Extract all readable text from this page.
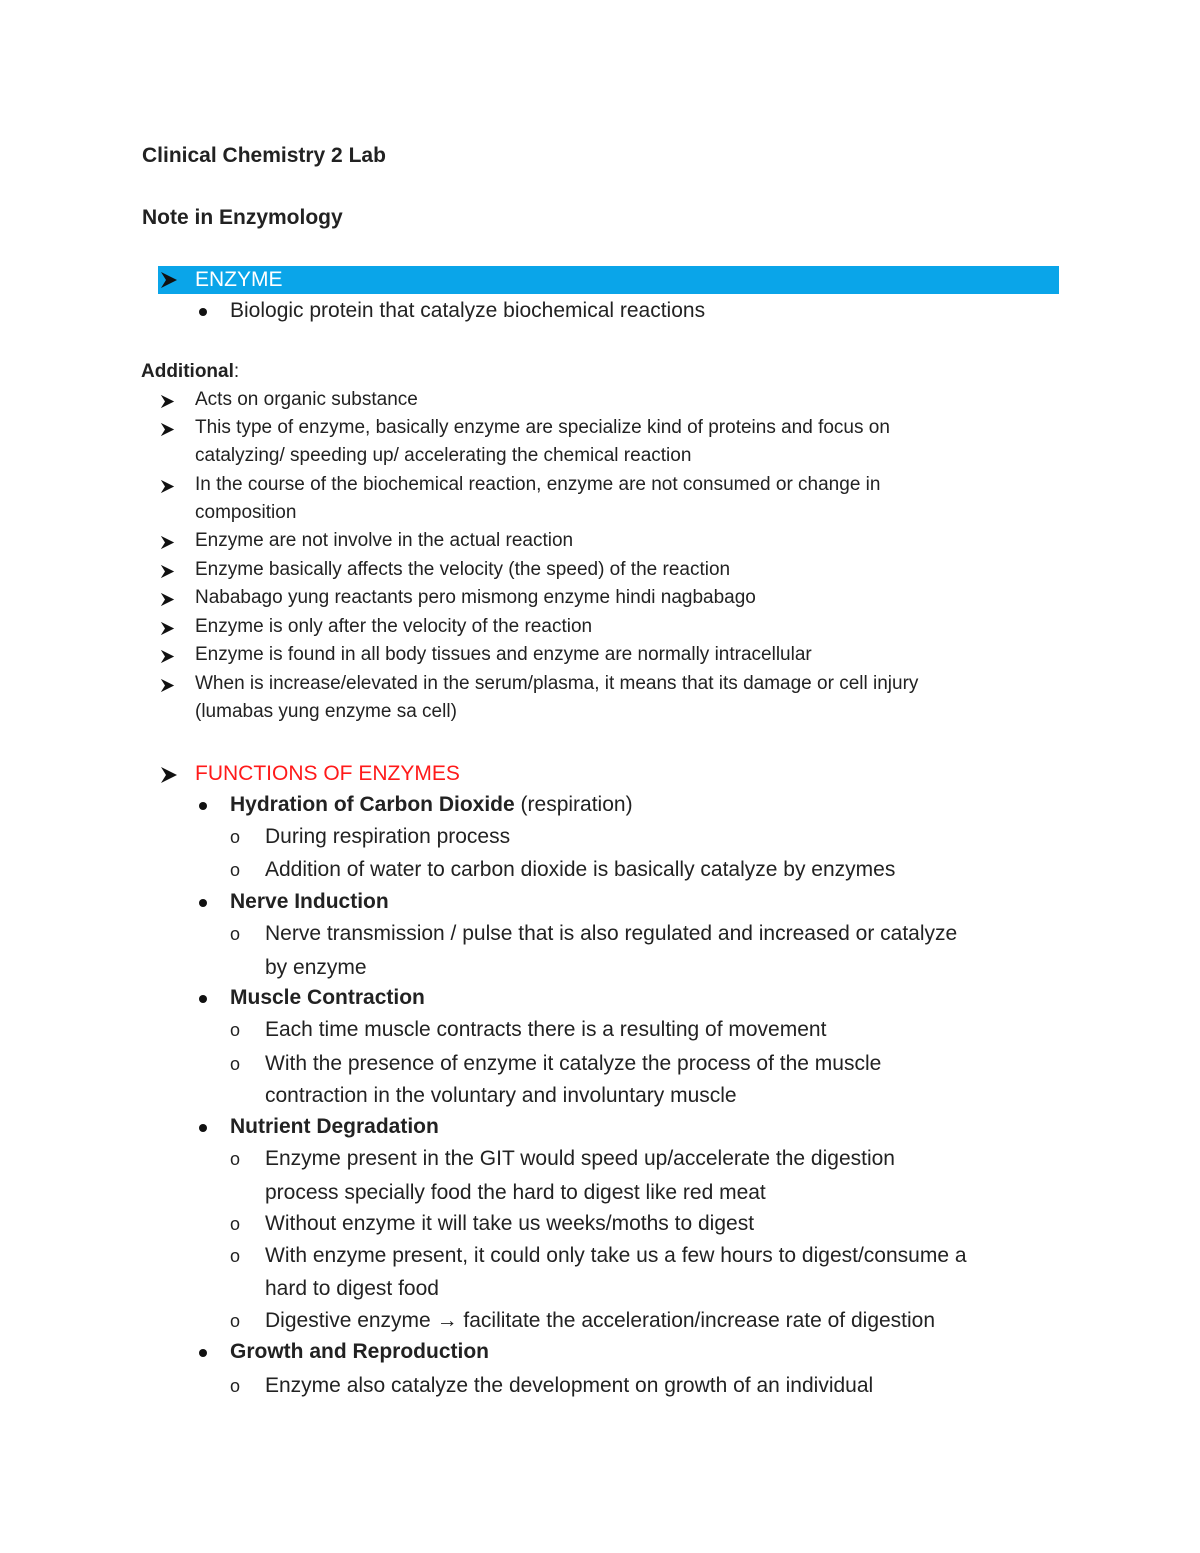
Clinical Chemistry 2 Lab
Note in Enzymology
ENZYME
Biologic protein that catalyze biochemical reactions
Additional:
Acts on organic substance
This type of enzyme, basically enzyme are specialize kind of proteins and focus on
catalyzing/ speeding up/ accelerating the chemical reaction
In the course of the biochemical reaction, enzyme are not consumed or change in
composition
Enzyme are not involve in the actual reaction
Enzyme basically affects the velocity (the speed) of the reaction
Nababago yung reactants pero mismong enzyme hindi nagbabago
Enzyme is only after the velocity of the reaction
Enzyme is found in all body tissues and enzyme are normally intracellular
When is increase/elevated in the serum/plasma, it means that its damage or cell injury
(lumabas yung enzyme sa cell)
FUNCTIONS OF ENZYMES
Hydration of Carbon Dioxide (respiration)
o During respiration process
o Addition of water to carbon dioxide is basically catalyze by enzymes
Nerve Induction
o Nerve transmission / pulse that is also regulated and increased or catalyze
by enzyme
Muscle Contraction
o Each time muscle contracts there is a resulting of movement
o With the presence of enzyme it catalyze the process of the muscle
contraction in the voluntary and involuntary muscle
Nutrient Degradation
o Enzyme present in the GIT would speed up/accelerate the digestion
process specially food the hard to digest like red meat
o Without enzyme it will take us weeks/moths to digest
o With enzyme present, it could only take us a few hours to digest/consume a
hard to digest food
o Digestive enzyme → facilitate the acceleration/increase rate of digestion
Growth and Reproduction
o Enzyme also catalyze the development on growth of an individual
